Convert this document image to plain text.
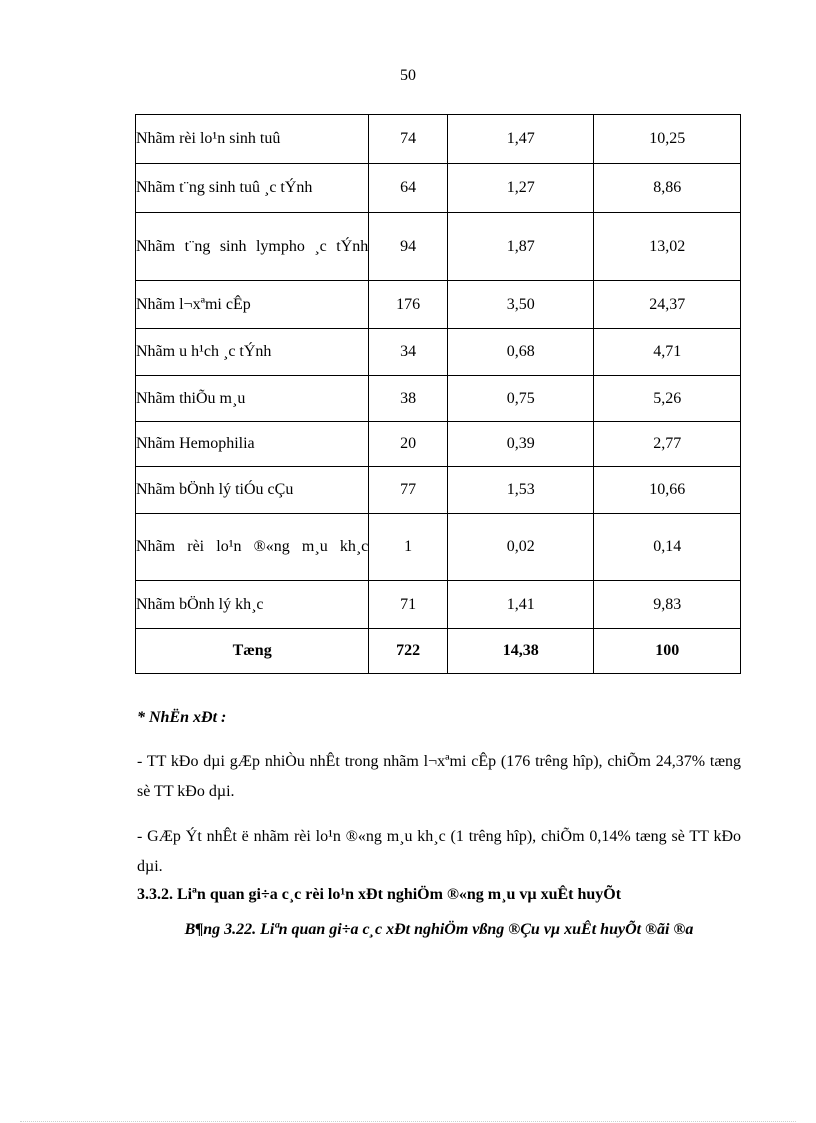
50
Nhãm rèi lo¹n sinh tuû	74	1,47	10,25
Nhãm t¨ng sinh tuû ¸c tÝnh	64	1,27	8,86
Nhãm t¨ng sinh lympho ¸c tÝnh	94	1,87	13,02
Nhãm l¬xªmi cÊp	176	3,50	24,37
Nhãm u h¹ch ¸c tÝnh	34	0,68	4,71
Nhãm thiÕu m¸u	38	0,75	5,26
Nhãm Hemophilia	20	0,39	2,77
Nhãm bÖnh lý tiÓu cÇu	77	1,53	10,66
Nhãm rèi lo¹n ®«ng m¸u kh¸c	1	0,02	0,14
Nhãm bÖnh lý kh¸c	71	1,41	9,83
Tæng	722	14,38	100
* NhËn xÐt :
- TT kÐo dµi gÆp nhiÒu nhÊt trong nhãm l¬xªmi cÊp (176 trêng hîp), chiÕm 24,37% tæng sè TT kÐo dµi.
- GÆp Ýt nhÊt ë nhãm rèi lo¹n ®«ng m¸u kh¸c (1 trêng hîp), chiÕm 0,14% tæng sè TT kÐo dµi.
3.3.2. Liªn quan gi÷a c¸c rèi lo¹n xÐt nghiÖm ®«ng m¸u vµ xuÊt huyÕt
B¶ng 3.22. Liªn quan gi÷a c¸c xÐt nghiÖm vßng ®Çu vµ xuÊt huyÕt ®ãi ®a
